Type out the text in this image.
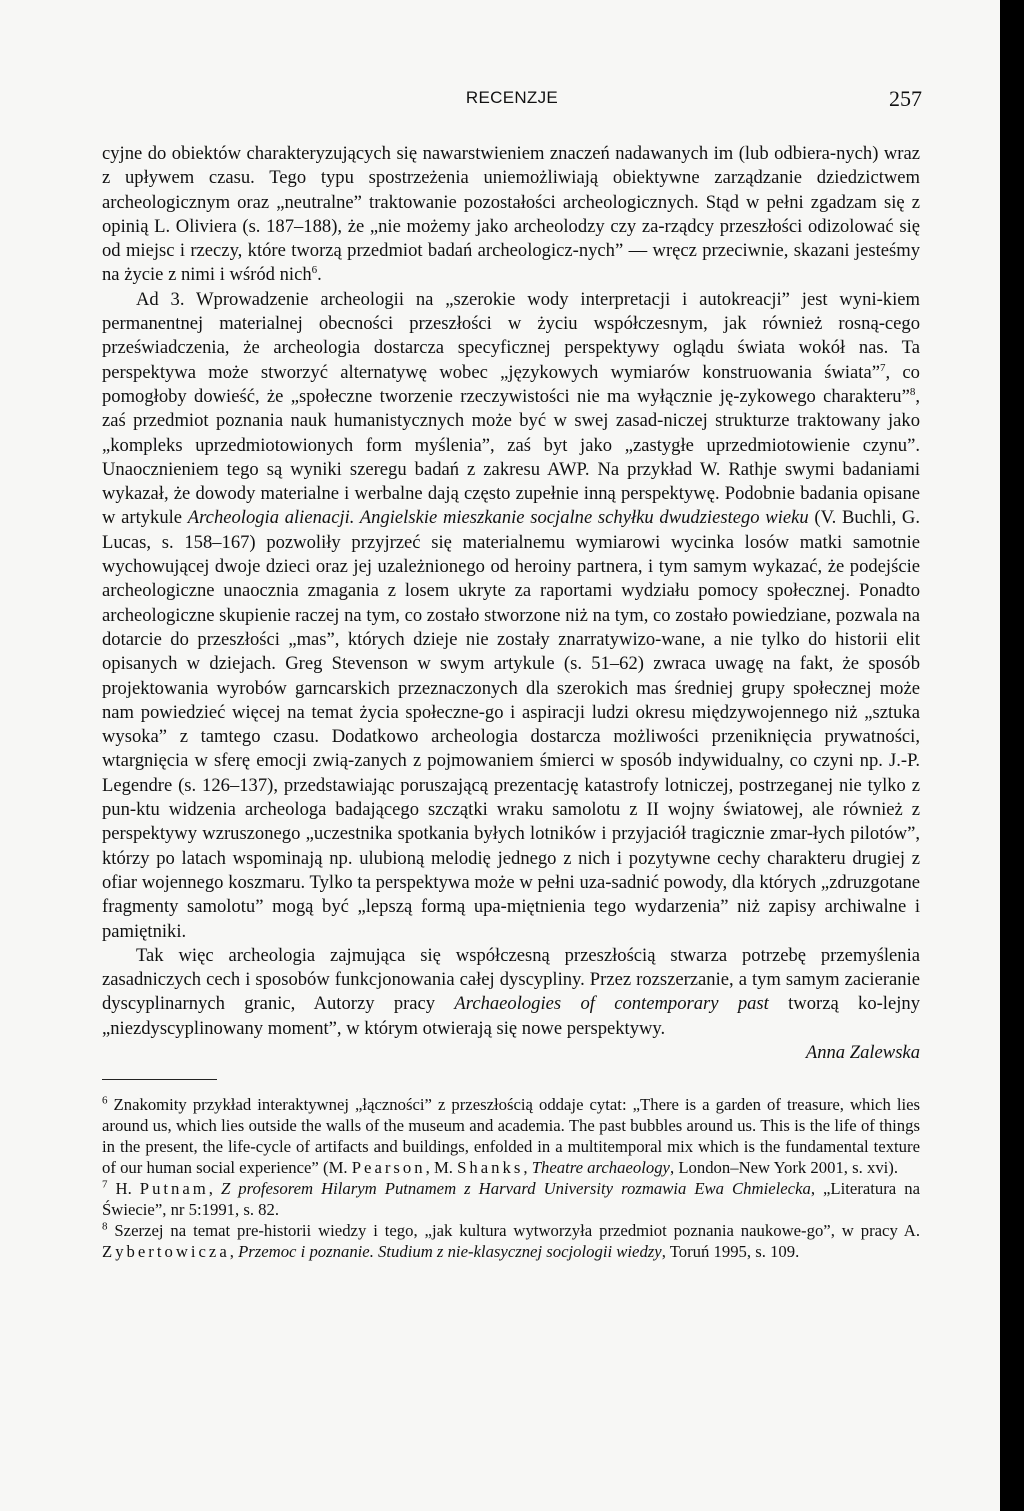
RECENZJE	257

cyjne do obiektów charakteryzujących się nawarstwieniem znaczeń nadawanych im (lub odbiera-nych) wraz z upływem czasu. Tego typu spostrzeżenia uniemożliwiają obiektywne zarządzanie dziedzictwem archeologicznym oraz „neutralne” traktowanie pozostałości archeologicznych. Stąd w pełni zgadzam się z opinią L. Oliviera (s. 187–188), że „nie możemy jako archeolodzy czy za-rządcy przeszłości odizolować się od miejsc i rzeczy, które tworzą przedmiot badań archeologicz-nych” — wręcz przeciwnie, skazani jesteśmy na życie z nimi i wśród nich$^6$.

Ad 3. Wprowadzenie archeologii na „szerokie wody interpretacji i autokreacji” jest wyni-kiem permanentnej materialnej obecności przeszłości w życiu współczesnym, jak również rosną-cego przeświadczenia, że archeologia dostarcza specyficznej perspektywy oglądu świata wokół nas. Ta perspektywa może stworzyć alternatywę wobec „językowych wymiarów konstruowania świata”$^7$, co pomogłoby dowieść, że „społeczne tworzenie rzeczywistości nie ma wyłącznie ję-zykowego charakteru”$^8$, zaś przedmiot poznania nauk humanistycznych może być w swej zasad-niczej strukturze traktowany jako „kompleks uprzedmiotowionych form myślenia”, zaś byt jako „zastygłe uprzedmiotowienie czynu”. Unaocznieniem tego są wyniki szeregu badań z zakresu AWP. Na przykład W. Rathje swymi badaniami wykazał, że dowody materialne i werbalne dają często zupełnie inną perspektywę. Podobnie badania opisane w artykule Archeologia alienacji. Angielskie mieszkanie socjalne schyłku dwudziestego wieku (V. Buchli, G. Lucas, s. 158–167) pozwoliły przyjrzeć się materialnemu wymiarowi wycinka losów matki samotnie wychowującej dwoje dzieci oraz jej uzależnionego od heroiny partnera, i tym samym wykazać, że podejście archeologiczne unaocznia zmagania z losem ukryte za raportami wydziału pomocy społecznej. Ponadto archeologiczne skupienie raczej na tym, co zostało stworzone niż na tym, co zostało powiedziane, pozwala na dotarcie do przeszłości „mas”, których dzieje nie zostały znarratywizo-wane, a nie tylko do historii elit opisanych w dziejach. Greg Stevenson w swym artykule (s. 51–62) zwraca uwagę na fakt, że sposób projektowania wyrobów garncarskich przeznaczonych dla szerokich mas średniej grupy społecznej może nam powiedzieć więcej na temat życia społeczne-go i aspiracji ludzi okresu międzywojennego niż „sztuka wysoka” z tamtego czasu. Dodatkowo archeologia dostarcza możliwości przeniknięcia prywatności, wtargnięcia w sferę emocji zwią-zanych z pojmowaniem śmierci w sposób indywidualny, co czyni np. J.-P. Legendre (s. 126–137), przedstawiając poruszającą prezentację katastrofy lotniczej, postrzeganej nie tylko z pun-ktu widzenia archeologa badającego szczątki wraku samolotu z II wojny światowej, ale również z perspektywy wzruszonego „uczestnika spotkania byłych lotników i przyjaciół tragicznie zmar-łych pilotów”, którzy po latach wspominają np. ulubioną melodię jednego z nich i pozytywne cechy charakteru drugiej z ofiar wojennego koszmaru. Tylko ta perspektywa może w pełni uza-sadnić powody, dla których „zdruzgotane fragmenty samolotu” mogą być „lepszą formą upa-miętnienia tego wydarzenia” niż zapisy archiwalne i pamiętniki.

Tak więc archeologia zajmująca się współczesną przeszłością stwarza potrzebę przemyślenia zasadniczych cech i sposobów funkcjonowania całej dyscypliny. Przez rozszerzanie, a tym samym zacieranie dyscyplinarnych granic, Autorzy pracy Archaeologies of contemporary past tworzą ko-lejny „niezdyscyplinowany moment”, w którym otwierają się nowe perspektywy.

Anna Zalewska

$^6$ Znakomity przykład interaktywnej „łączności” z przeszłością oddaje cytat: „There is a garden of treasure, which lies around us, which lies outside the walls of the museum and academia. The past bubbles around us. This is the life of things in the present, the life-cycle of artifacts and buildings, enfolded in a multitemporal mix which is the fundamental texture of our human social experience” (M. Pearson, M. Shanks, Theatre archaeology, London–New York 2001, s. xvi).

$^7$ H. Putnam, Z profesorem Hilarym Putnamem z Harvard University rozmawia Ewa Chmielecka, „Literatura na Świecie”, nr 5:1991, s. 82.

$^8$ Szerzej na temat pre-historii wiedzy i tego, „jak kultura wytworzyła przedmiot poznania naukowe-go”, w pracy A. Zybertowicza, Przemoc i poznanie. Studium z nie-klasycznej socjologii wiedzy, Toruń 1995, s. 109.
